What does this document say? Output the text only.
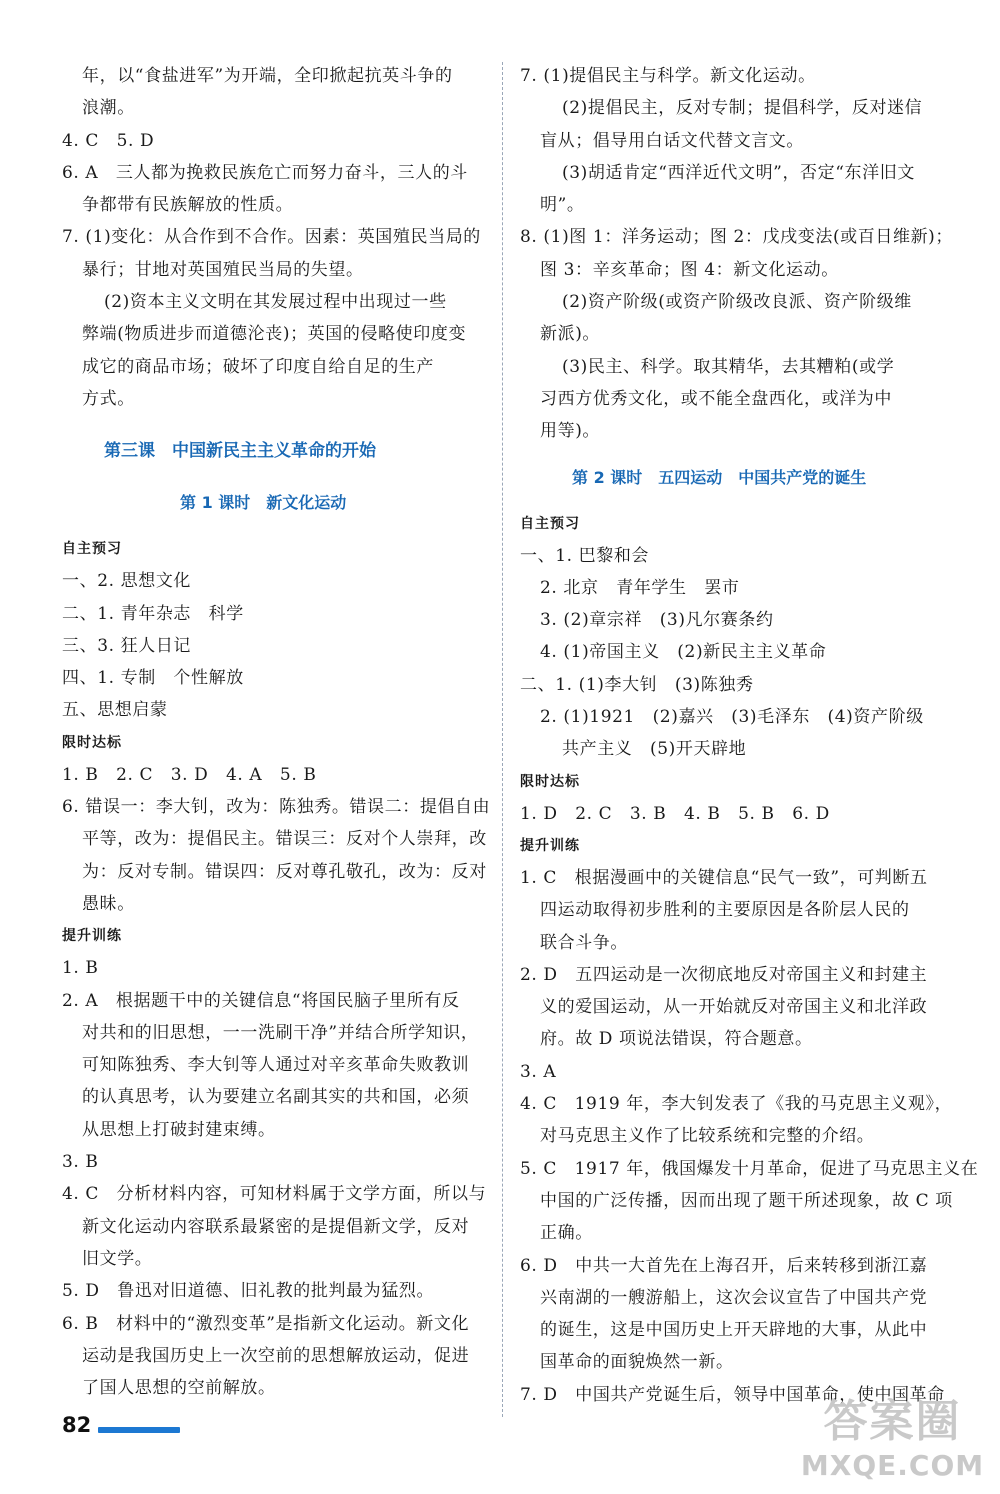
年，以“食盐进军”为开端，全印掀起抗英斗争的
浪潮。
4. C　5. D
6. A　三人都为挽救民族危亡而努力奋斗，三人的斗
争都带有民族解放的性质。
7. (1)变化：从合作到不合作。因素：英国殖民当局的
暴行；甘地对英国殖民当局的失望。
(2)资本主义文明在其发展过程中出现过一些
弊端(物质进步而道德沦丧)；英国的侵略使印度变
成它的商品市场；破坏了印度自给自足的生产
方式。
第三课　中国新民主主义革命的开始
第 1 课时　新文化运动
自主预习
一、2. 思想文化
二、1. 青年杂志　科学
三、3. 狂人日记
四、1. 专制　个性解放
五、思想启蒙
限时达标
1. B　2. C　3. D　4. A　5. B
6. 错误一：李大钊，改为：陈独秀。错误二：提倡自由
平等，改为：提倡民主。错误三：反对个人崇拜，改
为：反对专制。错误四：反对尊孔敬孔，改为：反对
愚昧。
提升训练
1. B
2. A　根据题干中的关键信息“将国民脑子里所有反
对共和的旧思想，一一洗刷干净”并结合所学知识，
可知陈独秀、李大钊等人通过对辛亥革命失败教训
的认真思考，认为要建立名副其实的共和国，必须
从思想上打破封建束缚。
3. B
4. C　分析材料内容，可知材料属于文学方面，所以与
新文化运动内容联系最紧密的是提倡新文学，反对
旧文学。
5. D　鲁迅对旧道德、旧礼教的批判最为猛烈。
6. B　材料中的“激烈变革”是指新文化运动。新文化
运动是我国历史上一次空前的思想解放运动，促进
了国人思想的空前解放。
7. (1)提倡民主与科学。新文化运动。
(2)提倡民主，反对专制；提倡科学，反对迷信
盲从；倡导用白话文代替文言文。
(3)胡适肯定“西洋近代文明”，否定“东洋旧文
明”。
8. (1)图 1：洋务运动；图 2：戊戌变法(或百日维新)；
图 3：辛亥革命；图 4：新文化运动。
(2)资产阶级(或资产阶级改良派、资产阶级维
新派)。
(3)民主、科学。取其精华，去其糟粕(或学
习西方优秀文化，或不能全盘西化，或洋为中
用等)。
第 2 课时　五四运动　中国共产党的诞生
自主预习
一、1. 巴黎和会
2. 北京　青年学生　罢市
3. (2)章宗祥　(3)凡尔赛条约
4. (1)帝国主义　(2)新民主主义革命
二、1. (1)李大钊　(3)陈独秀
2. (1)1921　(2)嘉兴　(3)毛泽东　(4)资产阶级
共产主义　(5)开天辟地
限时达标
1. D　2. C　3. B　4. B　5. B　6. D
提升训练
1. C　根据漫画中的关键信息“民气一致”，可判断五
四运动取得初步胜利的主要原因是各阶层人民的
联合斗争。
2. D　五四运动是一次彻底地反对帝国主义和封建主
义的爱国运动，从一开始就反对帝国主义和北洋政
府。故 D 项说法错误，符合题意。
3. A
4. C　1919 年，李大钊发表了《我的马克思主义观》，
对马克思主义作了比较系统和完整的介绍。
5. C　1917 年，俄国爆发十月革命，促进了马克思主义在
中国的广泛传播，因而出现了题干所述现象，故 C 项
正确。
6. D　中共一大首先在上海召开，后来转移到浙江嘉
兴南湖的一艘游船上，这次会议宣告了中国共产党
的诞生，这是中国历史上开天辟地的大事，从此中
国革命的面貌焕然一新。
7. D　中国共产党诞生后，领导中国革命，使中国革命
82	答案圈
MXQE.COM
